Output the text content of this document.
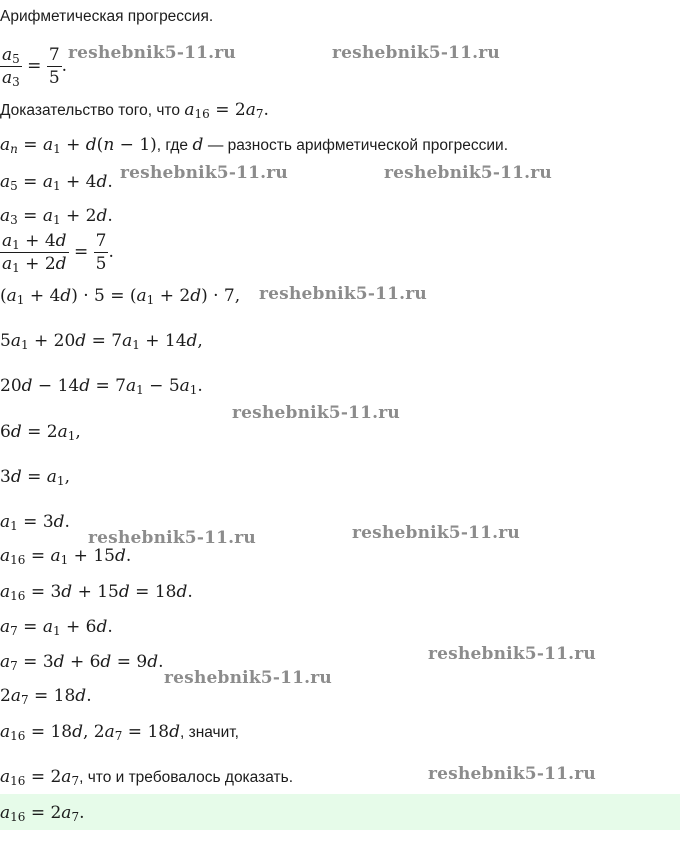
Арифметическая прогрессия.
$\frac{a_5}{a_3} = \frac{7}{5}$ .
Доказательство того, что $a_{16} = 2a_7$.
$a_n = a_1 + d(n - 1)$, где d — разность арифметической прогрессии.
$a_5 = a_1 + 4d$.
$a_3 = a_1 + 2d$.
$\frac{a_1 + 4d}{a_1 + 2d} = \frac{7}{5}$ .
$(a_1 + 4d) \cdot 5 = (a_1 + 2d) \cdot 7$,
$5a_1 + 20d = 7a_1 + 14d$,
$20d - 14d = 7a_1 - 5a_1$.
$6d = 2a_1$,
$3d = a_1$,
$a_1 = 3d$.
$a_{16} = a_1 + 15d$.
$a_{16} = 3d + 15d = 18d$.
$a_7 = a_1 + 6d$.
$a_7 = 3d + 6d = 9d$.
$2a_7 = 18d$.
$a_{16} = 18d$, $2a_7 = 18d$, значит,
$a_{16} = 2a_7$, что и требовалось доказать.
$a_{16} = 2a_7$.
reshebnik5-11.ru	reshebnik5-11.ru
reshebnik5-11.ru	reshebnik5-11.ru
reshebnik5-11.ru
reshebnik5-11.ru
reshebnik5-11.ru	reshebnik5-11.ru
reshebnik5-11.ru
reshebnik5-11.ru
reshebnik5-11.ru
